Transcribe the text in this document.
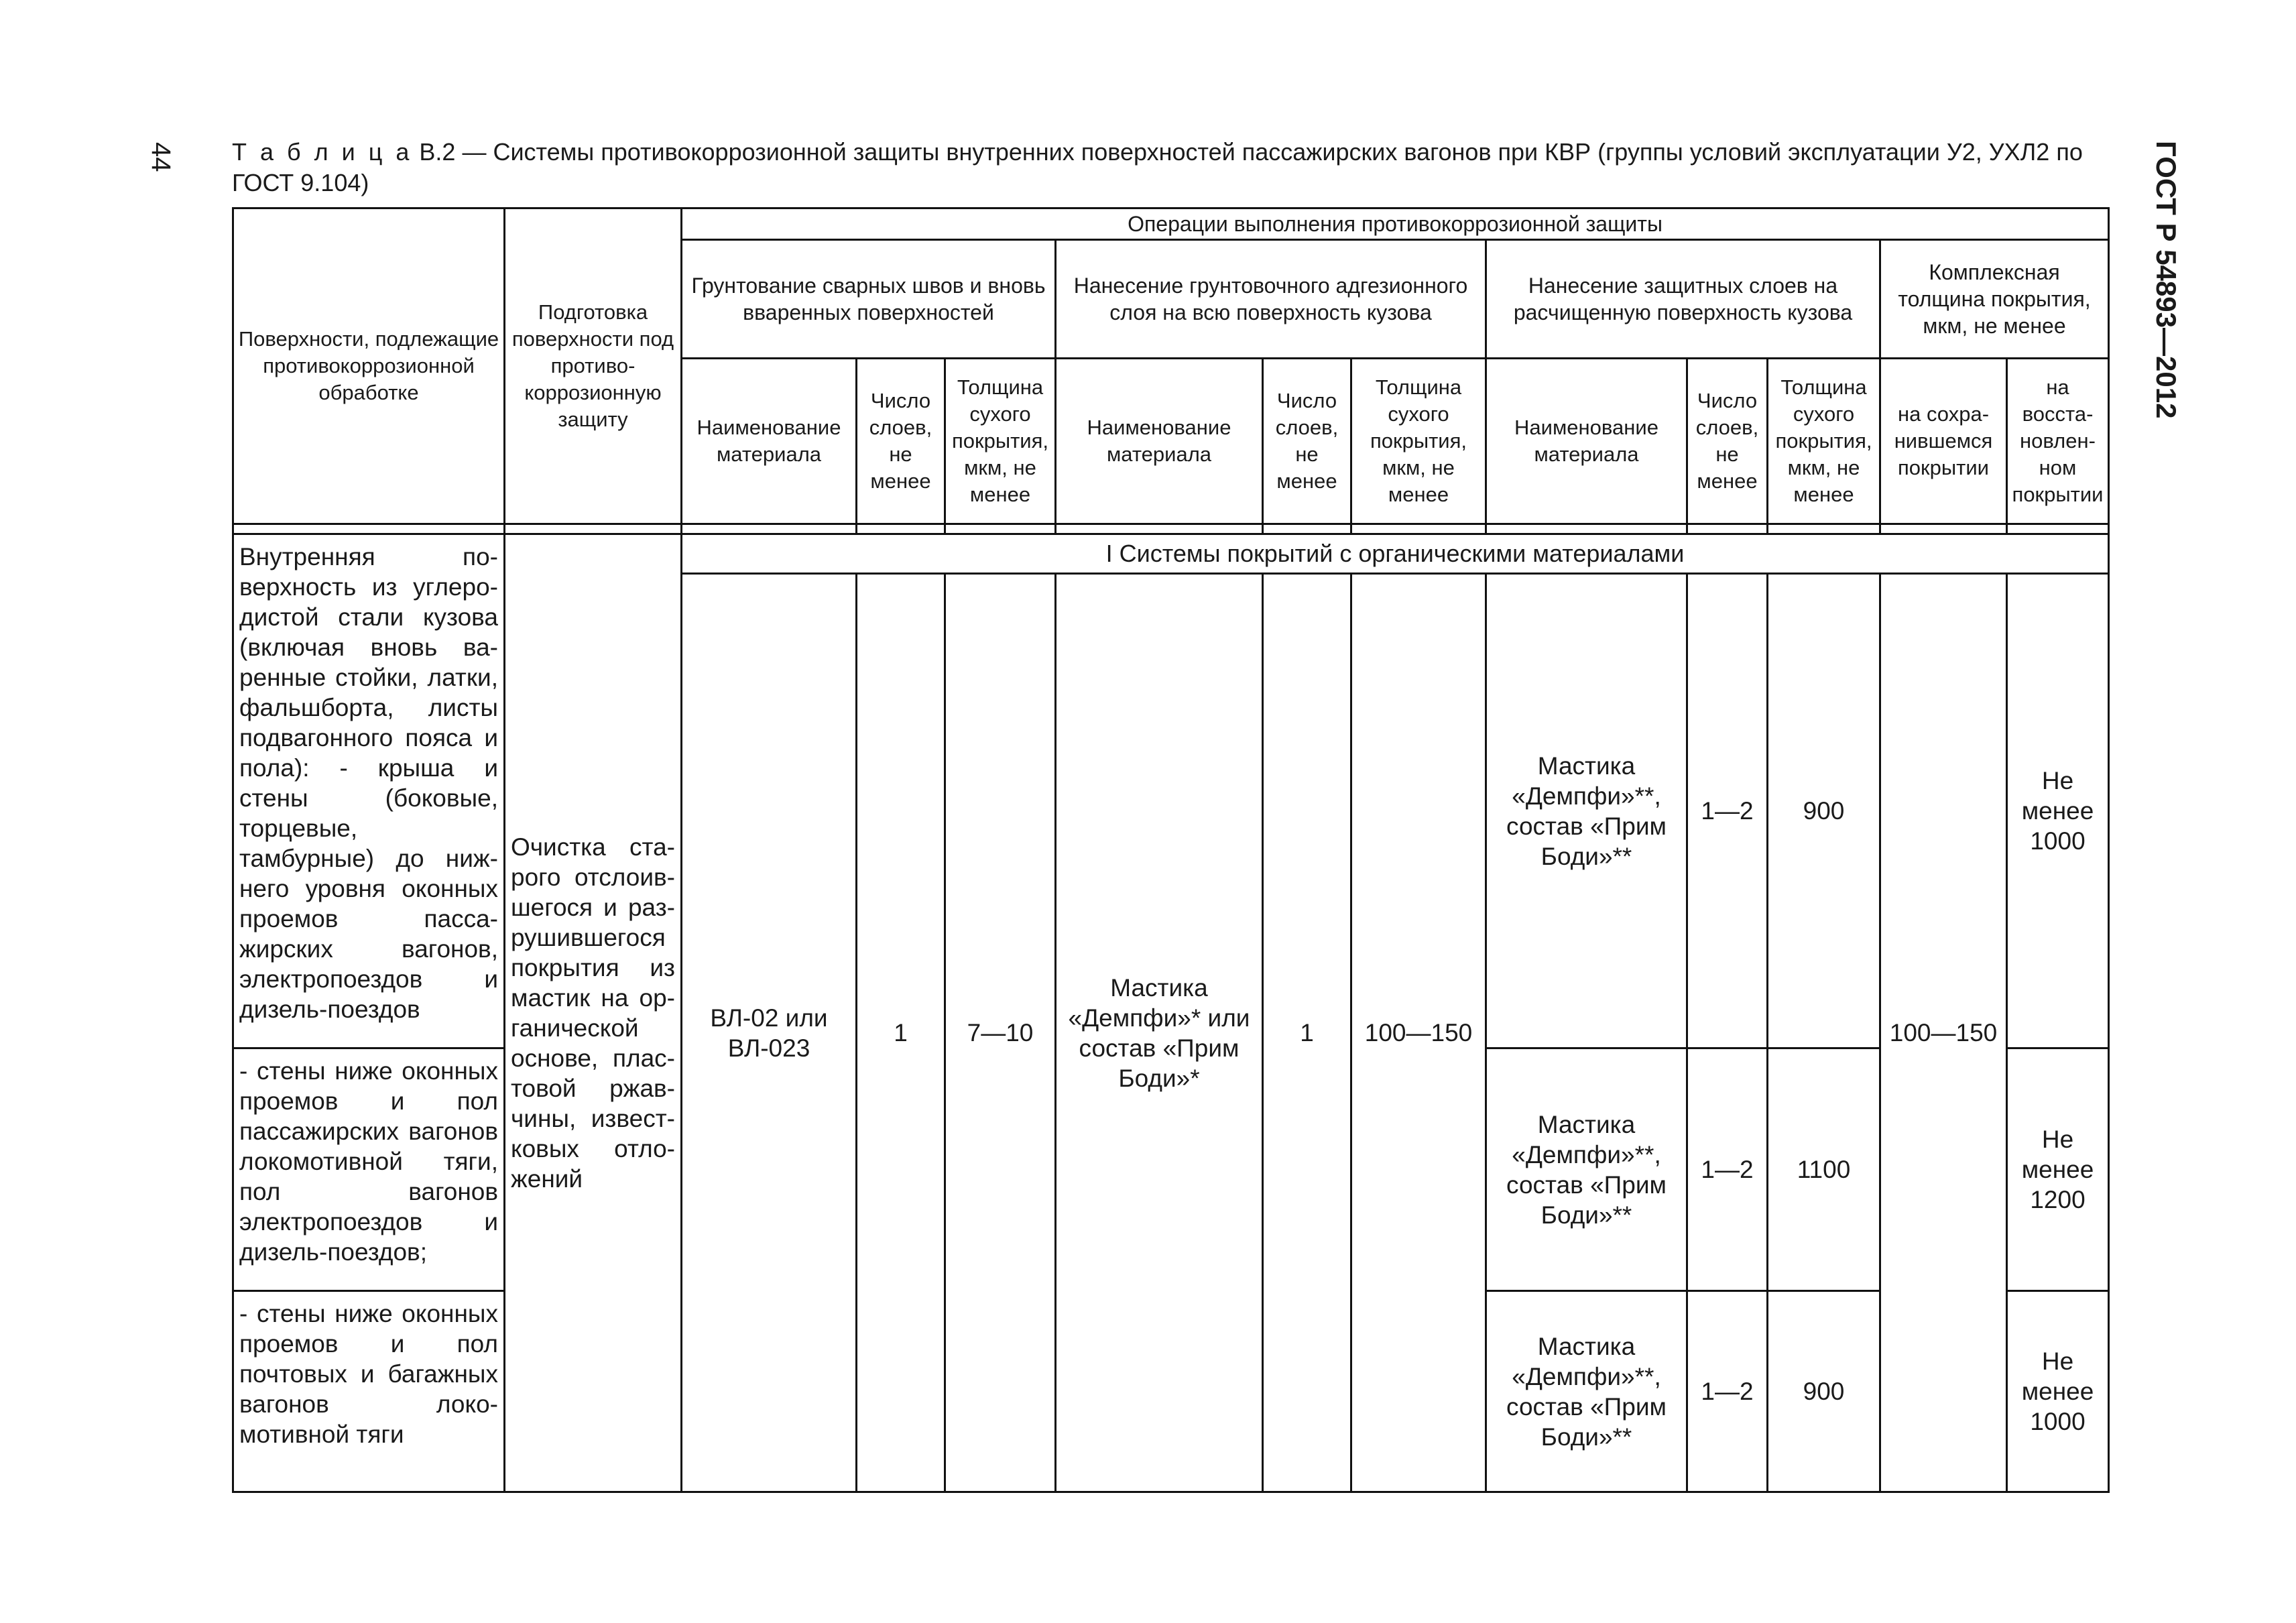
44	ГОСТ Р 54893—2012
Т а б л и ц а В.2 — Системы противокоррозионной защиты внутренних поверхностей пассажирских вагонов при КВР (группы условий эксплуатации У2, УХЛ2 по ГОСТ 9.104)
Поверхности, подлежащие противокоррозионной обработке	Подготовка поверхности под противокоррозионную защиту	Операции выполнения противокоррозионной защиты										
		Грунтование сварных швов и вновь вваренных поверхностей			Нанесение грунтовочного адгезионного слоя на всю поверхность кузова			Нанесение защитных слоев на расчищенную поверхность кузова			Комплексная толщина покрытия, мкм, не менее	
		Наименование материала	Число слоев, не менее	Толщина сухого покрытия, мкм, не менее	Наименование материала	Число слоев, не менее	Толщина сухого покрытия, мкм, не менее	Наименование материала	Число слоев, не менее	Толщина сухого покрытия, мкм, не менее	на сохранившемся покрытии	на восстановленном покрытии

Внутренняя поверхность из углеродистой стали кузова (включая вновь варенные стойки, латки, фальшборта, листы подвагонного пояса и пола): - крыша и стены (боковые, торцевые, тамбурные) до нижнего уровня оконных проемов пассажирских вагонов, электропоездов и дизель-поездов	Очистка старого отслоившегося и разрушившегося покрытия из мастик на органической основе, пластовой ржавчины, известковых отложений	I Системы покрытий с органическими материалами										
		ВЛ-02 или ВЛ-023	1	7—10	Мастика «Демпфи»* или состав «Прим Боди»*	1	100—150	Мастика «Демпфи»**, состав «Прим Боди»**	1—2	900	100—150	Не менее 1000
- стены ниже оконных проемов и пол пассажирских вагонов локомотивной тяги, пол вагонов электропоездов и дизель-поездов;								Мастика «Демпфи»**, состав «Прим Боди»**	1—2	1100		Не менее 1200
- стены ниже оконных проемов и пол почтовых и багажных вагонов локомотивной тяги								Мастика «Демпфи»**, состав «Прим Боди»**	1—2	900		Не менее 1000
